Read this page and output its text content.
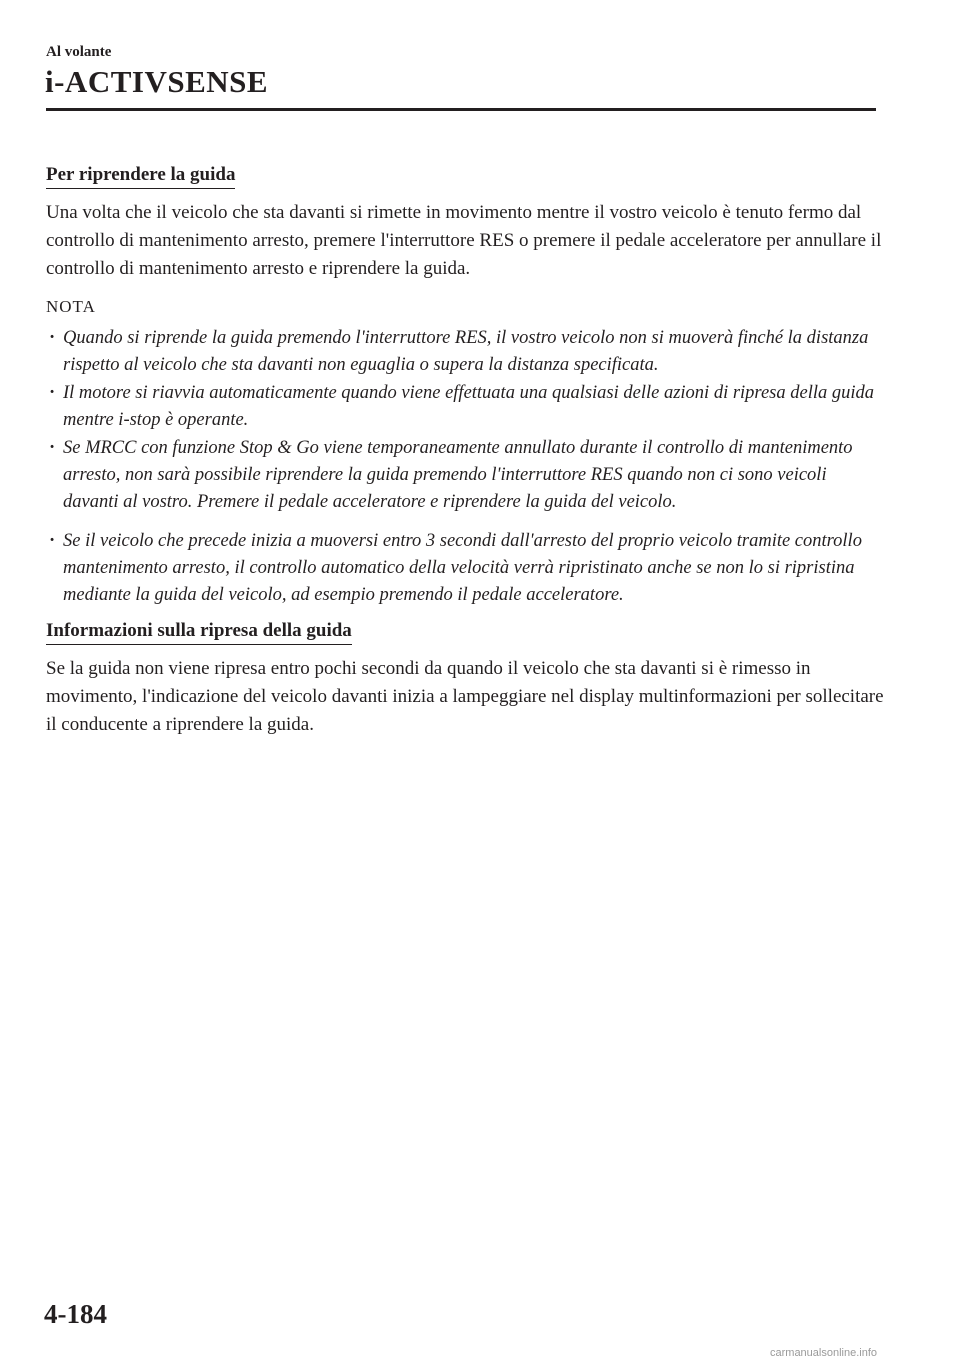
Al volante
i-ACTIVSENSE
Per riprendere la guida

Una volta che il veicolo che sta davanti si rimette in movimento mentre il vostro veicolo è tenuto fermo dal controllo di mantenimento arresto, premere l'interruttore RES o premere il pedale acceleratore per annullare il controllo di mantenimento arresto e riprendere la guida.

NOTA
· Quando si riprende la guida premendo l'interruttore RES, il vostro veicolo non si muoverà finché la distanza rispetto al veicolo che sta davanti non eguaglia o supera la distanza specificata.
· Il motore si riavvia automaticamente quando viene effettuata una qualsiasi delle azioni di ripresa della guida mentre i-stop è operante.
· Se MRCC con funzione Stop & Go viene temporaneamente annullato durante il controllo di mantenimento arresto, non sarà possibile riprendere la guida premendo l'interruttore RES quando non ci sono veicoli davanti al vostro. Premere il pedale acceleratore e riprendere la guida del veicolo.
· Se il veicolo che precede inizia a muoversi entro 3 secondi dall'arresto del proprio veicolo tramite controllo mantenimento arresto, il controllo automatico della velocità verrà ripristinato anche se non lo si ripristina mediante la guida del veicolo, ad esempio premendo il pedale acceleratore.
Informazioni sulla ripresa della guida

Se la guida non viene ripresa entro pochi secondi da quando il veicolo che sta davanti si è rimesso in movimento, l'indicazione del veicolo davanti inizia a lampeggiare nel display multinformazioni per sollecitare il conducente a riprendere la guida.

4-184
carmanualsonline.info
